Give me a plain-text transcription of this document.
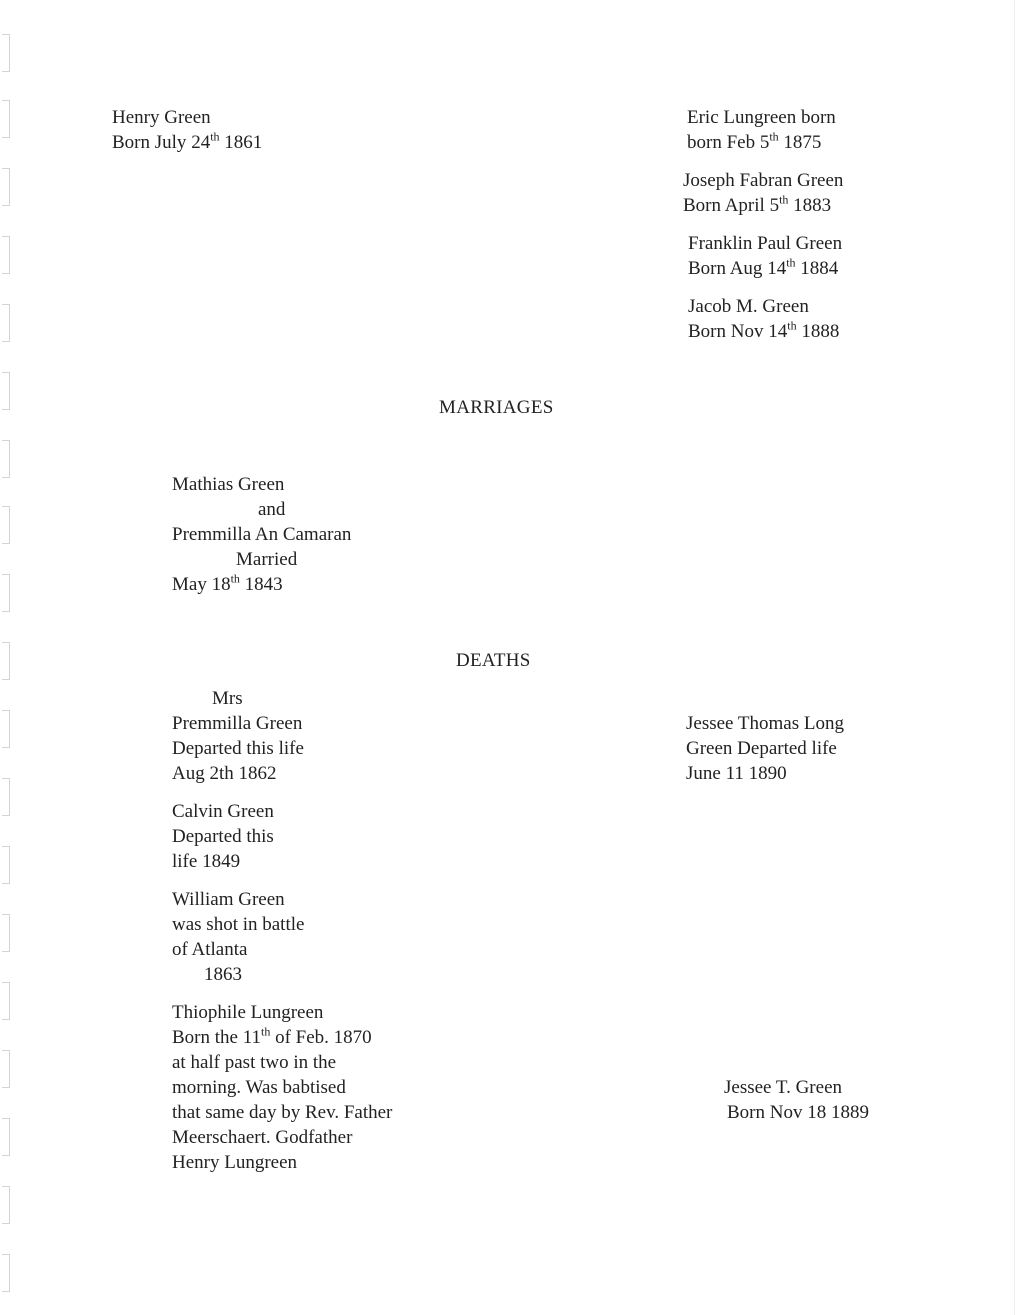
Henry Green
Born July 24th 1861
Eric Lungreen born
born Feb 5th 1875
Joseph Fabran Green
Born April 5th 1883
Franklin Paul Green
Born Aug 14th 1884
Jacob M. Green
Born Nov 14th 1888
MARRIAGES
Mathias Green
and
Premmilla An Camaran
Married
May 18th 1843
DEATHS
Mrs
Premmilla Green
Departed this life
Aug 2th 1862
Calvin Green
Departed this
life 1849
William Green
was shot in battle
of Atlanta
1863
Thiophile Lungreen
Born the 11th of Feb. 1870
at half past two in the
morning. Was babtised
that same day by Rev. Father
Meerschaert. Godfather
Henry Lungreen
Jessee Thomas Long
Green Departed life
June 11 1890
Jessee T. Green
Born Nov 18 1889
